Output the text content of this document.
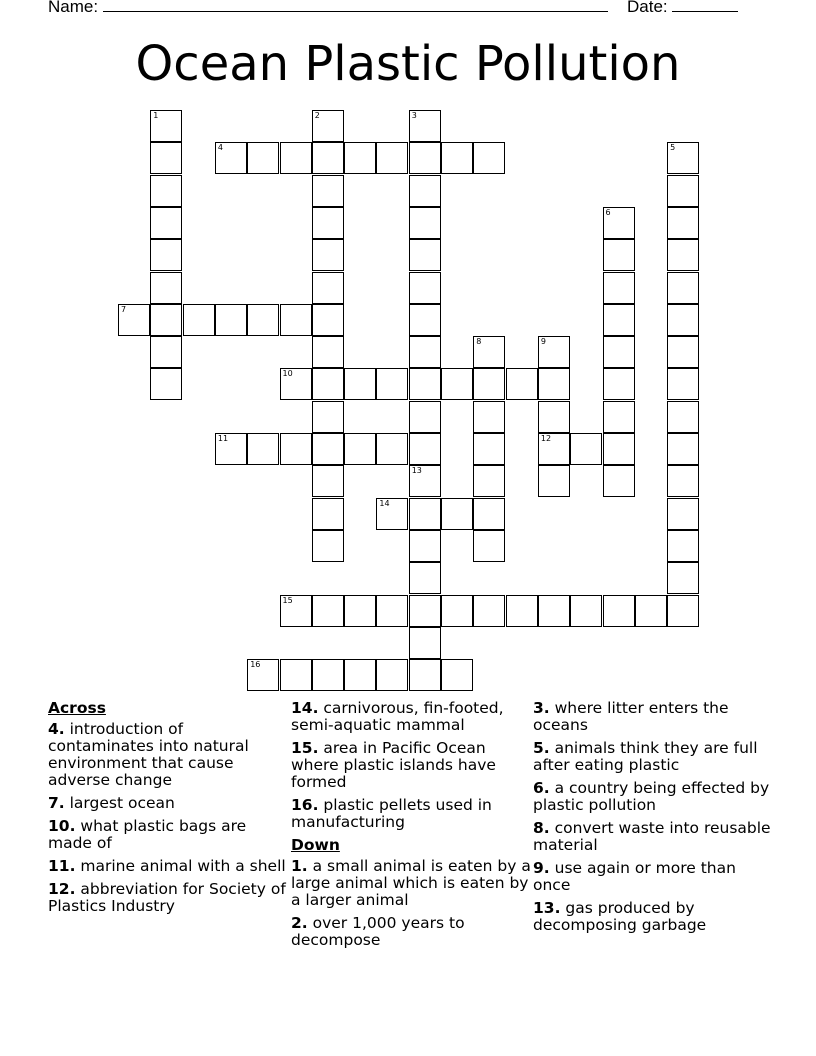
Name:	Date:
Ocean Plastic Pollution
1	2	3
4	5
6
7
8	9
12
10
11
13
14
15
16
Across
4. introduction of contaminates into natural environment that cause adverse change
7. largest ocean
10. what plastic bags are made of
11. marine animal with a shell
12. abbreviation for Society of Plastics Industry
14. carnivorous, fin-footed, semi-aquatic mammal
15. area in Pacific Ocean where plastic islands have formed
16. plastic pellets used in manufacturing
Down
1. a small animal is eaten by a large animal which is eaten by a larger animal
2. over 1,000 years to decompose
3. where litter enters the oceans
5. animals think they are full after eating plastic
6. a country being effected by plastic pollution
8. convert waste into reusable material
9. use again or more than once
13. gas produced by decomposing garbage
